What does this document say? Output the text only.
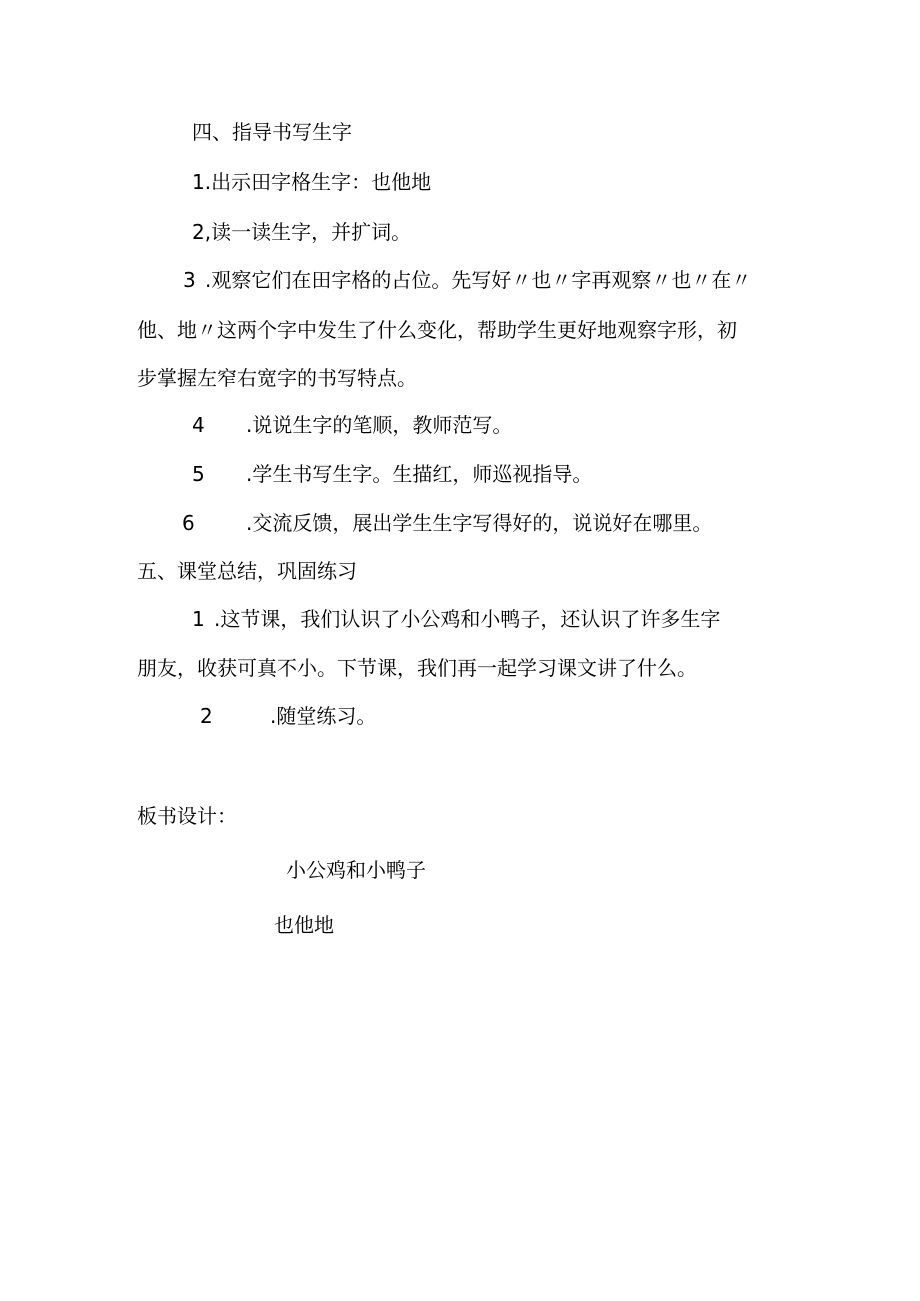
四、指导书写生字
1.出示田字格生字：也他地
2,读一读生字，并扩词。
3 .观察它们在田字格的占位。先写好〃也〃字再观察〃也〃在〃
他、地〃这两个字中发生了什么变化，帮助学生更好地观察字形，初
步掌握左窄右宽字的书写特点。
4 .说说生字的笔顺，教师范写。
5 .学生书写生字。生描红，师巡视指导。
6	.交流反馈，展出学生生字写得好的，说说好在哪里。
五、课堂总结，巩固练习
1 .这节课，我们认识了小公鸡和小鸭子，还认识了许多生字
朋友，收获可真不小。下节课，我们再一起学习课文讲了什么。
2	.随堂练习。
板书设计：
小公鸡和小鸭子
也他地
